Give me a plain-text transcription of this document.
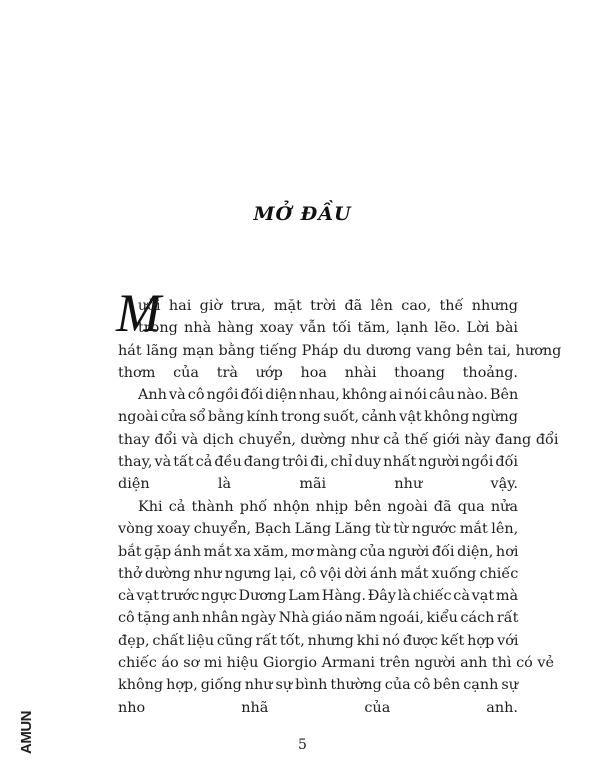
MỞ ĐẦU
M
ười hai giờ trưa, mặt trời đã lên cao, thế nhưng
trong nhà hàng xoay vẫn tối tăm, lạnh lẽo. Lời bài
hát lãng mạn bằng tiếng Pháp du dương vang bên tai, hương
thơm của trà ướp hoa nhài thoang thoảng.
Anh và cô ngồi đối diện nhau, không ai nói câu nào. Bên
ngoài cửa sổ bằng kính trong suốt, cảnh vật không ngừng
thay đổi và dịch chuyển, dường như cả thế giới này đang đổi
thay, và tất cả đều đang trôi đi, chỉ duy nhất người ngồi đối
diện là mãi như vậy.
Khi cả thành phố nhộn nhịp bên ngoài đã qua nửa
vòng xoay chuyển, Bạch Lăng Lăng từ từ ngước mắt lên,
bắt gặp ánh mắt xa xăm, mơ màng của người đối diện, hơi
thở dường như ngưng lại, cô vội dời ánh mắt xuống chiếc
cà vạt trước ngực Dương Lam Hàng. Đây là chiếc cà vạt mà
cô tặng anh nhân ngày Nhà giáo năm ngoái, kiểu cách rất
đẹp, chất liệu cũng rất tốt, nhưng khi nó được kết hợp với
chiếc áo sơ mi hiệu Giorgio Armani trên người anh thì có vẻ
không hợp, giống như sự bình thường của cô bên cạnh sự
nho nhã của anh.
5
AMUN
